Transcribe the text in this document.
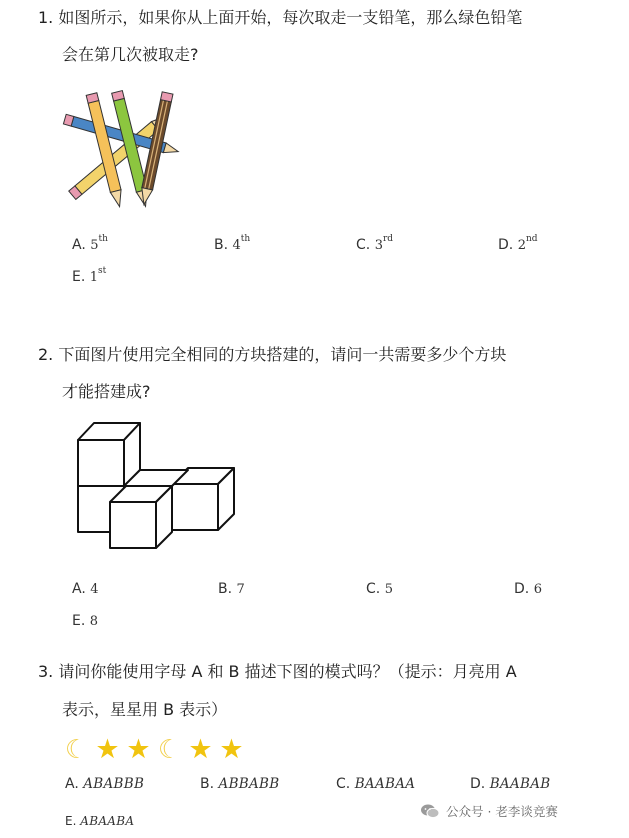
1. 如图所示，如果你从上面开始，每次取走一支铅笔，那么绿色铅笔
会在第几次被取走?
A. 5th	B. 4th	C. 3rd	D. 2nd
E. 1st
2. 下面图片使用完全相同的方块搭建的，请问一共需要多少个方块
才能搭建成?
A. 4	B. 7	C. 5	D. 6
E. 8
3. 请问你能使用字母 A 和 B 描述下图的模式吗？（提示：月亮用 A
表示，星星用 B 表示）
☾ ★ ★ ☾ ★ ★
A. ABABBB	B. ABBABB	C. BAABAA	D. BAABAB
E. ABAABA
公众号 · 老李谈竞赛
